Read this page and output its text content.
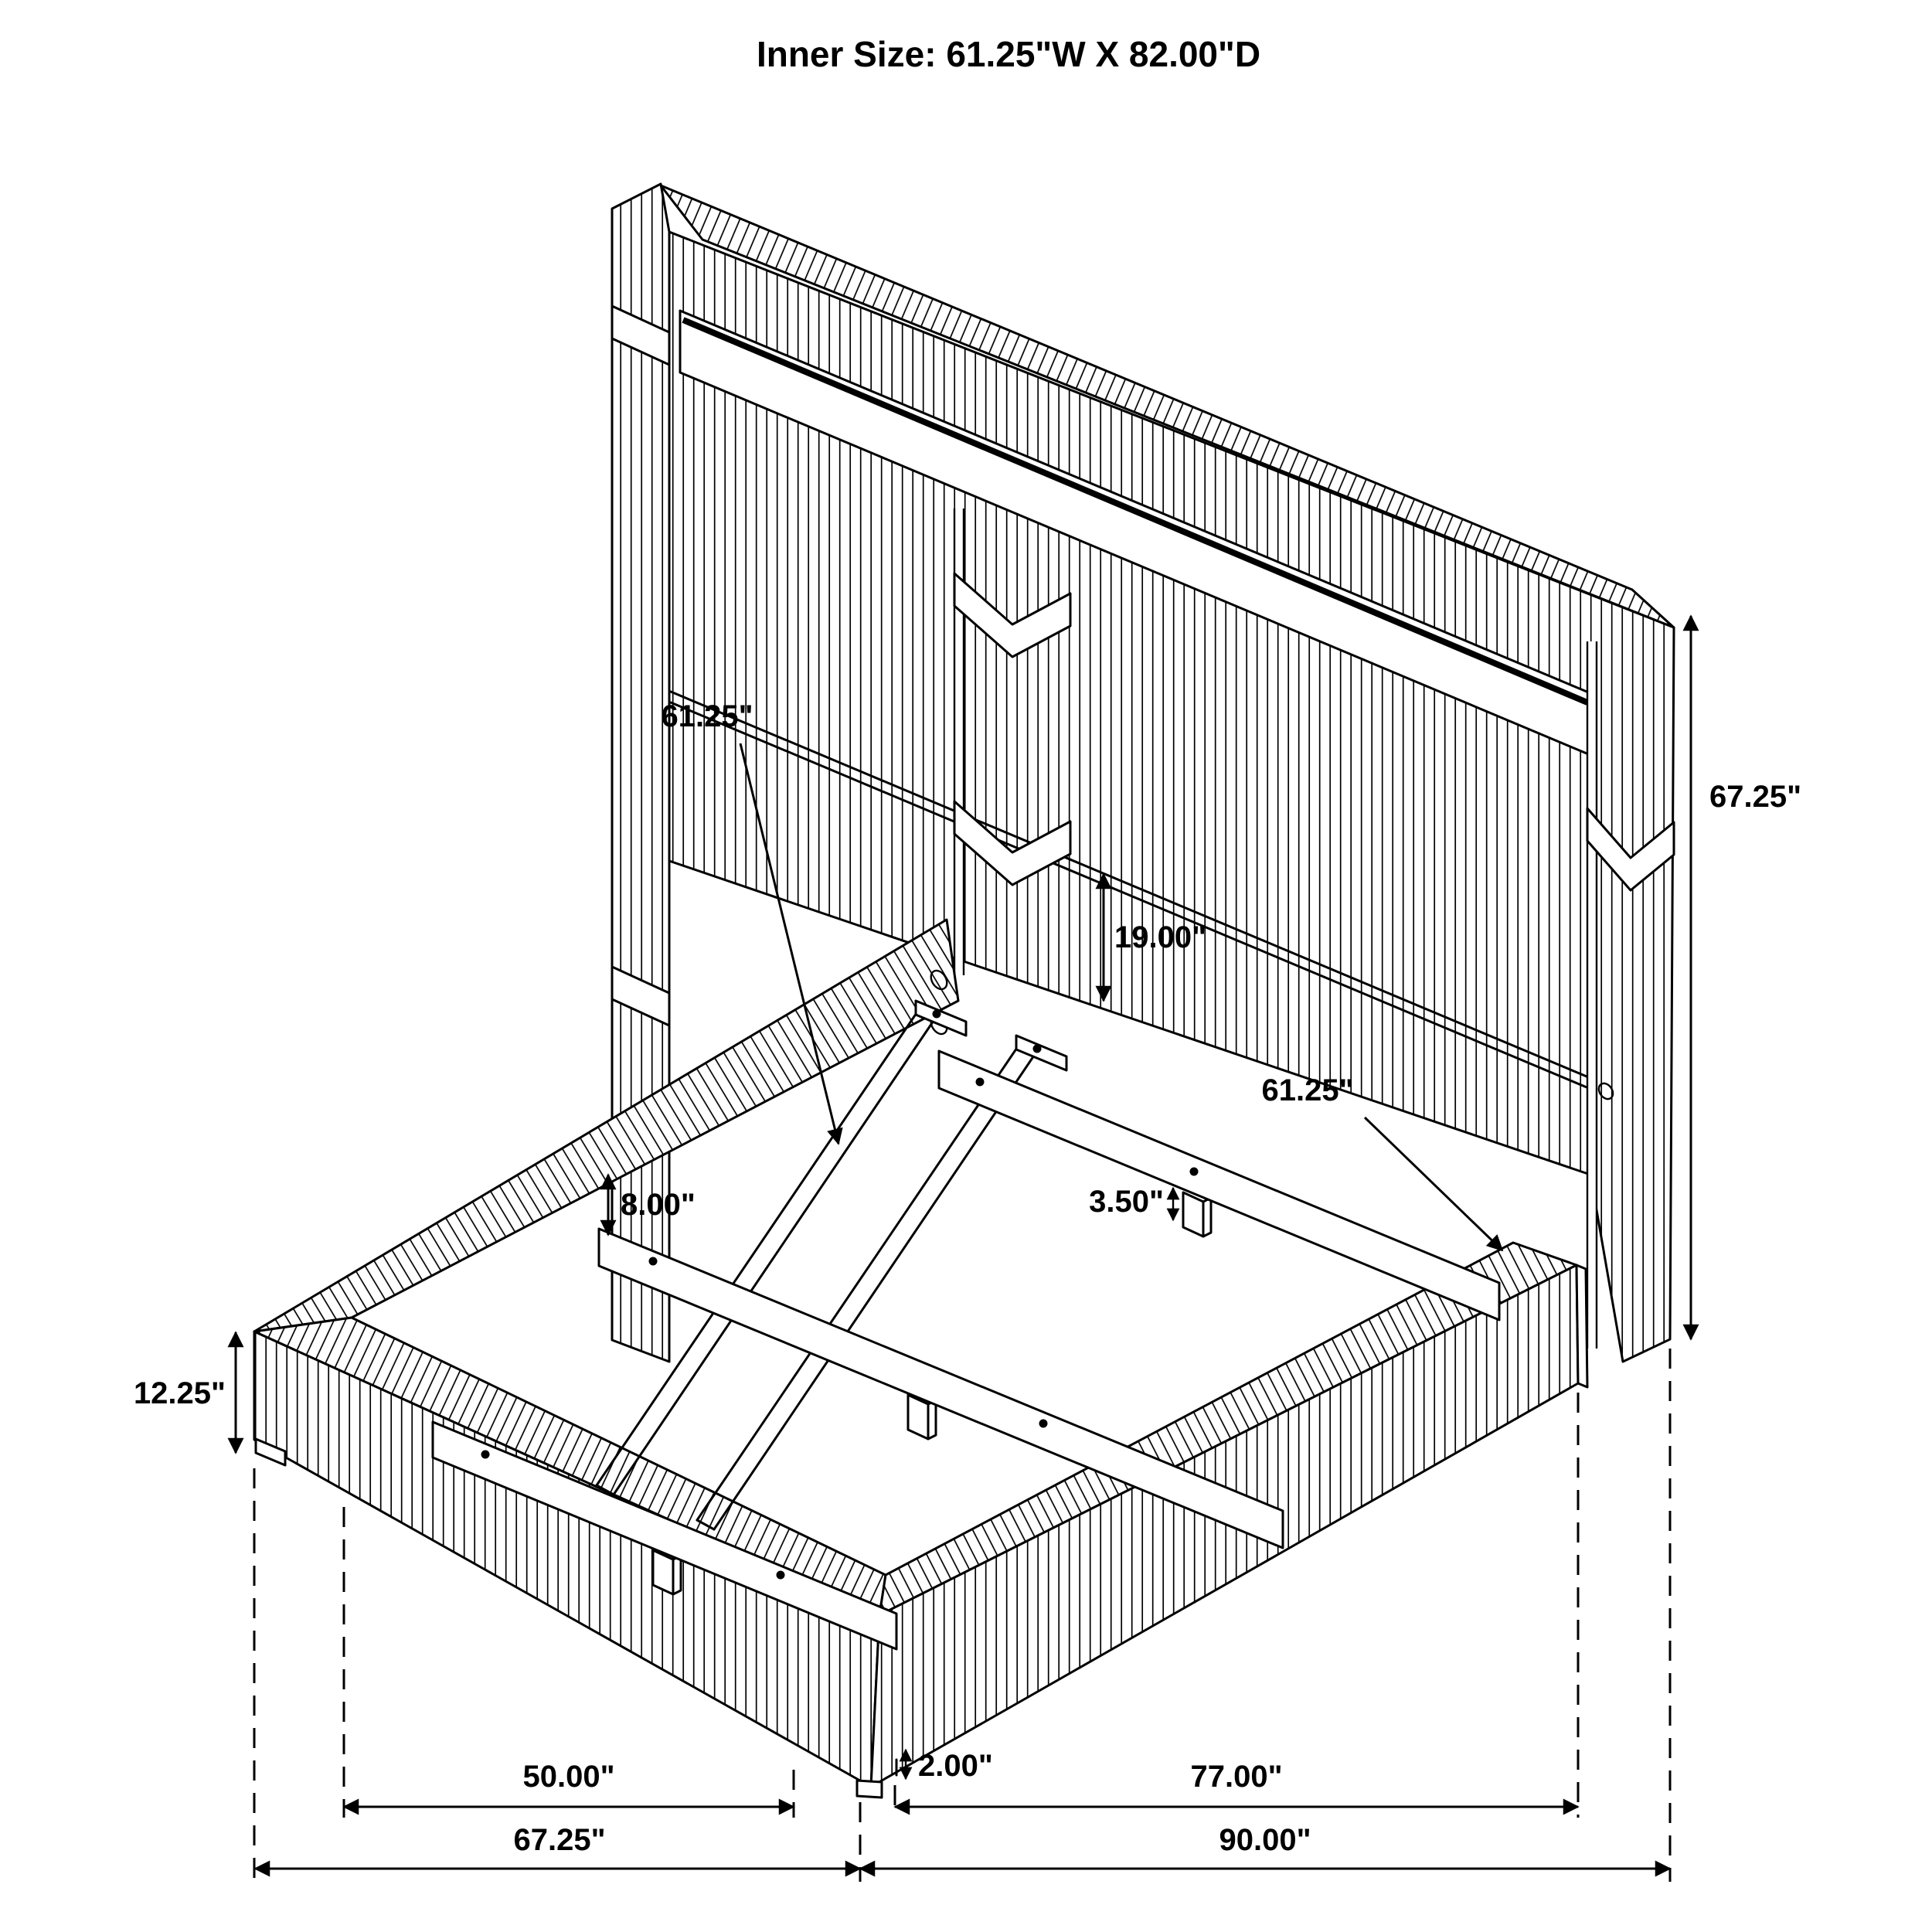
61.25"
19.00"
61.25"
67.25"
8.00"	3.50"
12.25"
2.00"
50.00"	77.00"
67.25"	90.00"
Inner Size: 61.25"W X 82.00"D
